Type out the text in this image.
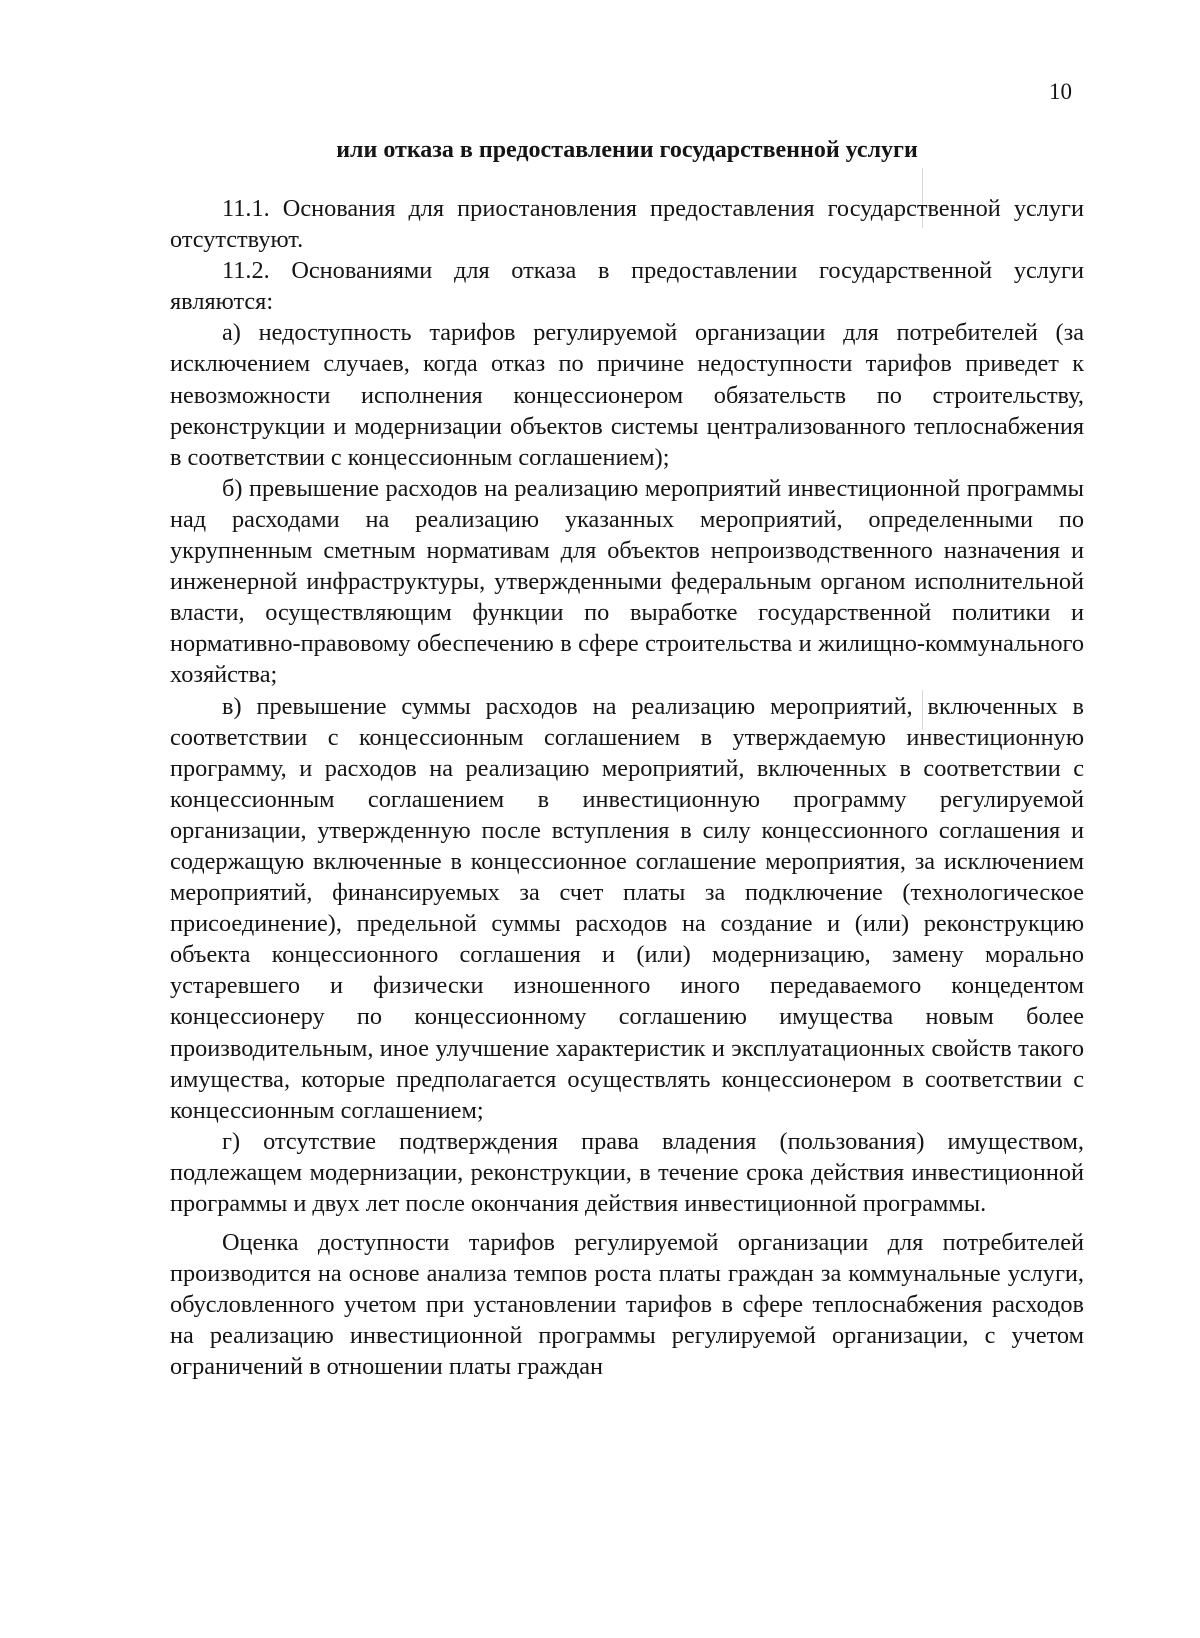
10
или отказа в предоставлении государственной услуги

11.1. Основания для приостановления предоставления государственной услуги отсутствуют.

11.2. Основаниями для отказа в предоставлении государственной услуги являются:

а) недоступность тарифов регулируемой организации для потребителей (за исключением случаев, когда отказ по причине недоступности тарифов приведет к невозможности исполнения концессионером обязательств по строительству, реконструкции и модернизации объектов системы централизованного теплоснабжения в соответствии с концессионным соглашением);

б) превышение расходов на реализацию мероприятий инвестиционной программы над расходами на реализацию указанных мероприятий, определенными по укрупненным сметным нормативам для объектов непроизводственного назначения и инженерной инфраструктуры, утвержденными федеральным органом исполнительной власти, осуществляющим функции по выработке государственной политики и нормативно-правовому обеспечению в сфере строительства и жилищно-коммунального хозяйства;

в) превышение суммы расходов на реализацию мероприятий, включенных в соответствии с концессионным соглашением в утверждаемую инвестиционную программу, и расходов на реализацию мероприятий, включенных в соответствии с концессионным соглашением в инвестиционную программу регулируемой организации, утвержденную после вступления в силу концессионного соглашения и содержащую включенные в концессионное соглашение мероприятия, за исключением мероприятий, финансируемых за счет платы за подключение (технологическое присоединение), предельной суммы расходов на создание и (или) реконструкцию объекта концессионного соглашения и (или) модернизацию, замену морально устаревшего и физически изношенного иного передаваемого концедентом концессионеру по концессионному соглашению имущества новым более производительным, иное улучшение характеристик и эксплуатационных свойств такого имущества, которые предполагается осуществлять концессионером в соответствии с концессионным соглашением;

г) отсутствие подтверждения права владения (пользования) имуществом, подлежащем модернизации, реконструкции, в течение срока действия инвестиционной программы и двух лет после окончания действия инвестиционной программы.

Оценка доступности тарифов регулируемой организации для потребителей производится на основе анализа темпов роста платы граждан за коммунальные услуги, обусловленного учетом при установлении тарифов в сфере теплоснабжения расходов на реализацию инвестиционной программы регулируемой организации, с учетом ограничений в отношении платы граждан
